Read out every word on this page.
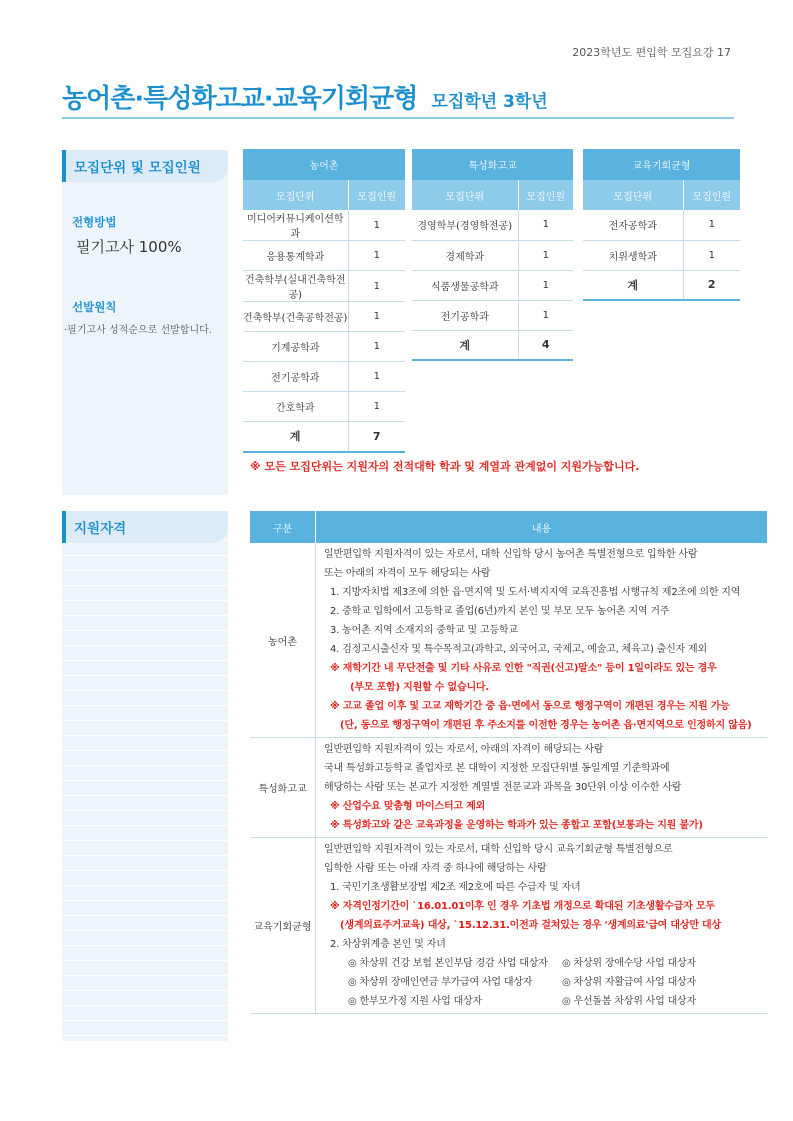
2023학년도 편입학 모집요강 17
농어촌·특성화고교·교육기회균형 모집학년 3학년
모집단위 및 모집인원
전형방법
필기고사 100%
선발원칙
·필기고사 성적순으로 선발합니다.
지원자격
농어촌	
모집단위	모집인원
미디어커뮤니케이션학과	1
응용통계학과	1
건축학부(실내건축학전공)	1
건축학부(건축공학전공)	1
기계공학과	1
전기공학과	1
간호학과	1
계	7
특성화고교	
모집단위	모집인원
경영학부(경영학전공)	1
경제학과	1
식품생물공학과	1
전기공학과	1
계	4
교육기회균형	
모집단위	모집인원
전자공학과	1
치위생학과	1
계	2
※ 모든 모집단위는 지원자의 전적대학 학과 및 계열과 관계없이 지원가능합니다.
구분	내용
농어촌
일반편입학 지원자격이 있는 자로서, 대학 신입학 당시 농어촌 특별전형으로 입학한 사람
또는 아래의 자격이 모두 해당되는 사람
1. 지방자치법 제3조에 의한 읍·면지역 및 도서·벽지지역 교육진흥법 시행규칙 제2조에 의한 지역
2. 중학교 입학에서 고등학교 졸업(6년)까지 본인 및 부모 모두 농어촌 지역 거주
3. 농어촌 지역 소재지의 중학교 및 고등학교
4. 검정고시출신자 및 특수목적고(과학고, 외국어고, 국제고, 예술고, 체육고) 출신자 제외
※ 재학기간 내 무단전출 및 기타 사유로 인한 "직권(신고)말소" 등이 1일이라도 있는 경우
(부모 포함) 지원할 수 없습니다.
※ 고교 졸업 이후 및 고교 재학기간 중 읍·면에서 동으로 행정구역이 개편된 경우는 지원 가능
(단, 동으로 행정구역이 개편된 후 주소지를 이전한 경우는 농어촌 읍·면지역으로 인정하지 않음)
특성화고교
일반편입학 지원자격이 있는 자로서, 아래의 자격이 해당되는 사람
국내 특성화고등학교 졸업자로 본 대학이 지정한 모집단위별 동일계열 기준학과에
해당하는 사람 또는 본교가 지정한 계열별 전문교과 과목을 30단위 이상 이수한 사람
※ 산업수요 맞춤형 마이스터고 제외
※ 특성화고와 같은 교육과정을 운영하는 학과가 있는 종합고 포함(보통과는 지원 불가)
교육기회균형
일반편입학 지원자격이 있는 자로서, 대학 신입학 당시 교육기회균형 특별전형으로
입학한 사람 또는 아래 자격 중 하나에 해당하는 사람
1. 국민기초생활보장법 제2조 제2호에 따른 수급자 및 자녀
※ 자격인정기간이 `16.01.01이후 인 경우 기초법 개정으로 확대된 기초생활수급자 모두
(생계의료주거교육) 대상, `15.12.31.이전과 걸쳐있는 경우 '생계의료'급여 대상만 대상
2. 차상위계층 본인 및 자녀
◎ 차상위 건강 보험 본인부담 경감 사업 대상자	◎ 차상위 장애수당 사업 대상자
◎ 차상위 장애인연금 부가급여 사업 대상자	◎ 차상위 자활급여 사업 대상자
◎ 한부모가정 지원 사업 대상자	◎ 우선돌봄 차상위 사업 대상자
